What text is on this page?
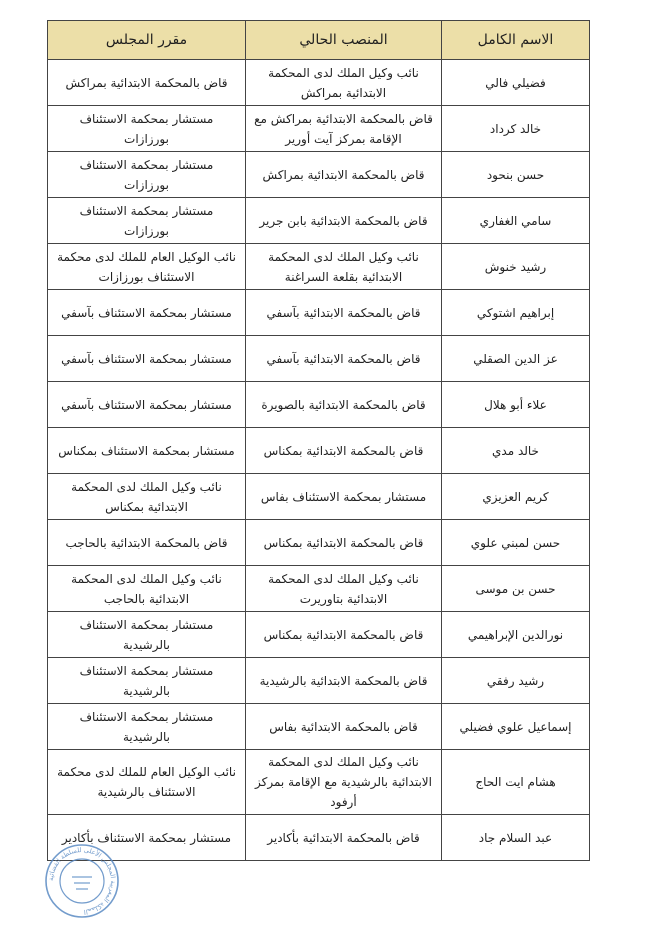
الاسم الكامل	المنصب الحالي	مقرر المجلس
فضيلي فالي	نائب وكيل الملك لدى المحكمة الابتدائية بمراكش	قاض بالمحكمة الابتدائية بمراكش
خالد كرداد	قاض بالمحكمة الابتدائية بمراكش مع الإقامة بمركز آيت أورير	مستشار بمحكمة الاستئناف بورزازات
حسن بنحود	قاض بالمحكمة الابتدائية بمراكش	مستشار بمحكمة الاستئناف بورزازات
سامي الغفاري	قاض بالمحكمة الابتدائية بابن جرير	مستشار بمحكمة الاستئناف بورزازات
رشيد خنوش	نائب وكيل الملك لدى المحكمة الابتدائية بقلعة السراغنة	نائب الوكيل العام للملك لدى محكمة الاستئناف بورزازات
إبراهيم اشتوكي	قاض بالمحكمة الابتدائية بآسفي	مستشار بمحكمة الاستئناف بآسفي
عز الدين الصقلي	قاض بالمحكمة الابتدائية بآسفي	مستشار بمحكمة الاستئناف بآسفي
علاء أبو هلال	قاض بالمحكمة الابتدائية بالصويرة	مستشار بمحكمة الاستئناف بآسفي
خالد مدي	قاض بالمحكمة الابتدائية بمكناس	مستشار بمحكمة الاستئناف بمكناس
كريم العزيزي	مستشار بمحكمة الاستئناف بفاس	نائب وكيل الملك لدى المحكمة الابتدائية بمكناس
حسن لمبني علوي	قاض بالمحكمة الابتدائية بمكناس	قاض بالمحكمة الابتدائية بالحاجب
حسن بن موسى	نائب وكيل الملك لدى المحكمة الابتدائية بتاوريرت	نائب وكيل الملك لدى المحكمة الابتدائية بالحاجب
نورالدين الإبراهيمي	قاض بالمحكمة الابتدائية بمكناس	مستشار بمحكمة الاستئناف بالرشيدية
رشيد رفقي	قاض بالمحكمة الابتدائية بالرشيدية	مستشار بمحكمة الاستئناف بالرشيدية
إسماعيل علوي فضيلي	قاض بالمحكمة الابتدائية بفاس	مستشار بمحكمة الاستئناف بالرشيدية
هشام ايت الحاج	نائب وكيل الملك لدى المحكمة الابتدائية بالرشيدية مع الإقامة بمركز أرفود	نائب الوكيل العام للملك لدى محكمة الاستئناف بالرشيدية
عبد السلام جاد	قاض بالمحكمة الابتدائية بأكادير	مستشار بمحكمة الاستئناف بأكادير
المملكة المغربية المجلس الأعلى للسلطة القضائية
